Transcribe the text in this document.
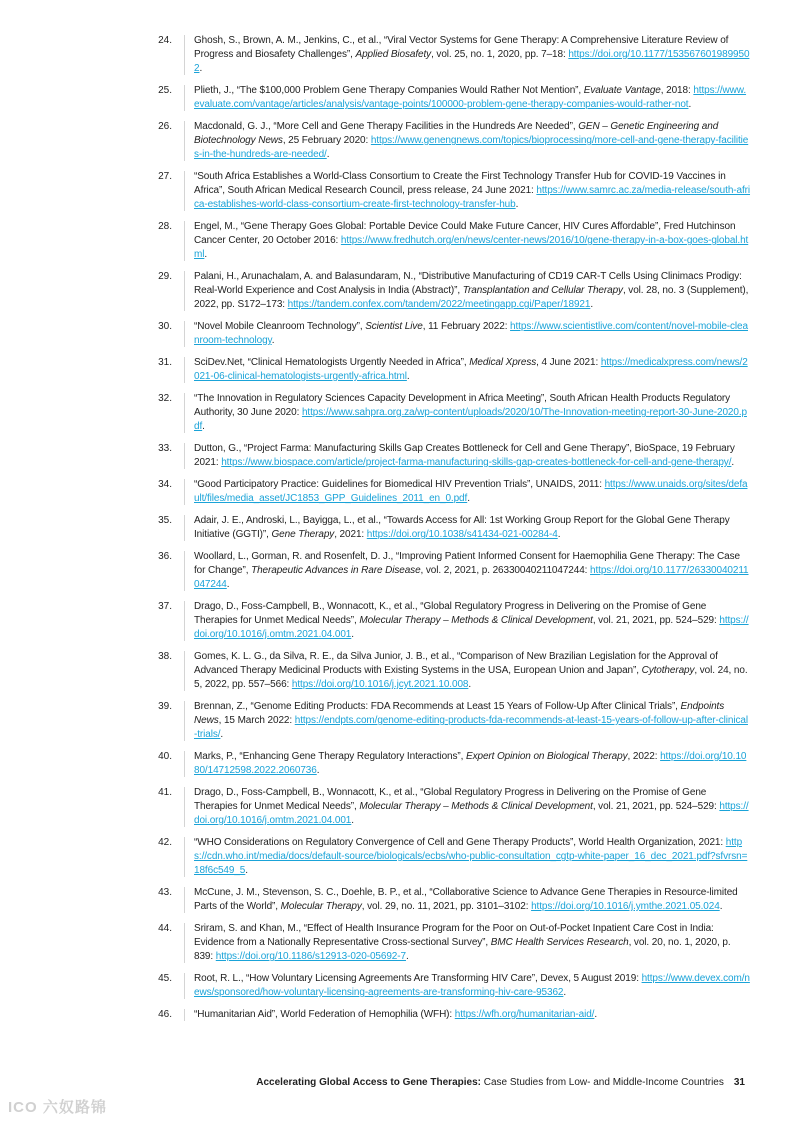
24. Ghosh, S., Brown, A. M., Jenkins, C., et al., “Viral Vector Systems for Gene Therapy: A Comprehensive Literature Review of Progress and Biosafety Challenges”, Applied Biosafety, vol. 25, no. 1, 2020, pp. 7–18: https://doi.org/10.1177/1535676019899502.
25. Plieth, J., “The $100,000 Problem Gene Therapy Companies Would Rather Not Mention”, Evaluate Vantage, 2018: https://www.evaluate.com/vantage/articles/analysis/vantage-points/100000-problem-gene-therapy-companies-would-rather-not.
26. Macdonald, G. J., “More Cell and Gene Therapy Facilities in the Hundreds Are Needed”, GEN – Genetic Engineering and Biotechnology News, 25 February 2020: https://www.genengnews.com/topics/bioprocessing/more-cell-and-gene-therapy-facilities-in-the-hundreds-are-needed/.
27. “South Africa Establishes a World-Class Consortium to Create the First Technology Transfer Hub for COVID-19 Vaccines in Africa”, South African Medical Research Council, press release, 24 June 2021: https://www.samrc.ac.za/media-release/south-africa-establishes-world-class-consortium-create-first-technology-transfer-hub.
28. Engel, M., “Gene Therapy Goes Global: Portable Device Could Make Future Cancer, HIV Cures Affordable”, Fred Hutchinson Cancer Center, 20 October 2016: https://www.fredhutch.org/en/news/center-news/2016/10/gene-therapy-in-a-box-goes-global.html.
29. Palani, H., Arunachalam, A. and Balasundaram, N., “Distributive Manufacturing of CD19 CAR-T Cells Using Clinimacs Prodigy: Real-World Experience and Cost Analysis in India (Abstract)”, Transplantation and Cellular Therapy, vol. 28, no. 3 (Supplement), 2022, pp. S172–173: https://tandem.confex.com/tandem/2022/meetingapp.cgi/Paper/18921.
30. “Novel Mobile Cleanroom Technology”, Scientist Live, 11 February 2022: https://www.scientistlive.com/content/novel-mobile-cleanroom-technology.
31. SciDev.Net, “Clinical Hematologists Urgently Needed in Africa”, Medical Xpress, 4 June 2021: https://medicalxpress.com/news/2021-06-clinical-hematologists-urgently-africa.html.
32. “The Innovation in Regulatory Sciences Capacity Development in Africa Meeting”, South African Health Products Regulatory Authority, 30 June 2020: https://www.sahpra.org.za/wp-content/uploads/2020/10/The-Innovation-meeting-report-30-June-2020.pdf.
33. Dutton, G., “Project Farma: Manufacturing Skills Gap Creates Bottleneck for Cell and Gene Therapy”, BioSpace, 19 February 2021: https://www.biospace.com/article/project-farma-manufacturing-skills-gap-creates-bottleneck-for-cell-and-gene-therapy/.
34. “Good Participatory Practice: Guidelines for Biomedical HIV Prevention Trials”, UNAIDS, 2011: https://www.unaids.org/sites/default/files/media_asset/JC1853_GPP_Guidelines_2011_en_0.pdf.
35. Adair, J. E., Androski, L., Bayigga, L., et al., “Towards Access for All: 1st Working Group Report for the Global Gene Therapy Initiative (GGTI)”, Gene Therapy, 2021: https://doi.org/10.1038/s41434-021-00284-4.
36. Woollard, L., Gorman, R. and Rosenfelt, D. J., “Improving Patient Informed Consent for Haemophilia Gene Therapy: The Case for Change”, Therapeutic Advances in Rare Disease, vol. 2, 2021, p. 26330040211047244: https://doi.org/10.1177/26330040211047244.
37. Drago, D., Foss-Campbell, B., Wonnacott, K., et al., “Global Regulatory Progress in Delivering on the Promise of Gene Therapies for Unmet Medical Needs”, Molecular Therapy – Methods & Clinical Development, vol. 21, 2021, pp. 524–529: https://doi.org/10.1016/j.omtm.2021.04.001.
38. Gomes, K. L. G., da Silva, R. E., da Silva Junior, J. B., et al., “Comparison of New Brazilian Legislation for the Approval of Advanced Therapy Medicinal Products with Existing Systems in the USA, European Union and Japan”, Cytotherapy, vol. 24, no. 5, 2022, pp. 557–566: https://doi.org/10.1016/j.jcyt.2021.10.008.
39. Brennan, Z., “Genome Editing Products: FDA Recommends at Least 15 Years of Follow-Up After Clinical Trials”, Endpoints News, 15 March 2022: https://endpts.com/genome-editing-products-fda-recommends-at-least-15-years-of-follow-up-after-clinical-trials/.
40. Marks, P., “Enhancing Gene Therapy Regulatory Interactions”, Expert Opinion on Biological Therapy, 2022: https://doi.org/10.1080/14712598.2022.2060736.
41. Drago, D., Foss-Campbell, B., Wonnacott, K., et al., “Global Regulatory Progress in Delivering on the Promise of Gene Therapies for Unmet Medical Needs”, Molecular Therapy – Methods & Clinical Development, vol. 21, 2021, pp. 524–529: https://doi.org/10.1016/j.omtm.2021.04.001.
42. “WHO Considerations on Regulatory Convergence of Cell and Gene Therapy Products”, World Health Organization, 2021: https://cdn.who.int/media/docs/default-source/biologicals/ecbs/who-public-consultation_cgtp-white-paper_16_dec_2021.pdf?sfvrsn=18f6c549_5.
43. McCune, J. M., Stevenson, S. C., Doehle, B. P., et al., “Collaborative Science to Advance Gene Therapies in Resource-limited Parts of the World”, Molecular Therapy, vol. 29, no. 11, 2021, pp. 3101–3102: https://doi.org/10.1016/j.ymthe.2021.05.024.
44. Sriram, S. and Khan, M., “Effect of Health Insurance Program for the Poor on Out-of-Pocket Inpatient Care Cost in India: Evidence from a Nationally Representative Cross-sectional Survey”, BMC Health Services Research, vol. 20, no. 1, 2020, p. 839: https://doi.org/10.1186/s12913-020-05692-7.
45. Root, R. L., “How Voluntary Licensing Agreements Are Transforming HIV Care”, Devex, 5 August 2019: https://www.devex.com/news/sponsored/how-voluntary-licensing-agreements-are-transforming-hiv-care-95362.
46. “Humanitarian Aid”, World Federation of Hemophilia (WFH): https://wfh.org/humanitarian-aid/.
Accelerating Global Access to Gene Therapies: Case Studies from Low- and Middle-Income Countries 31
ICO 六奴路锦
